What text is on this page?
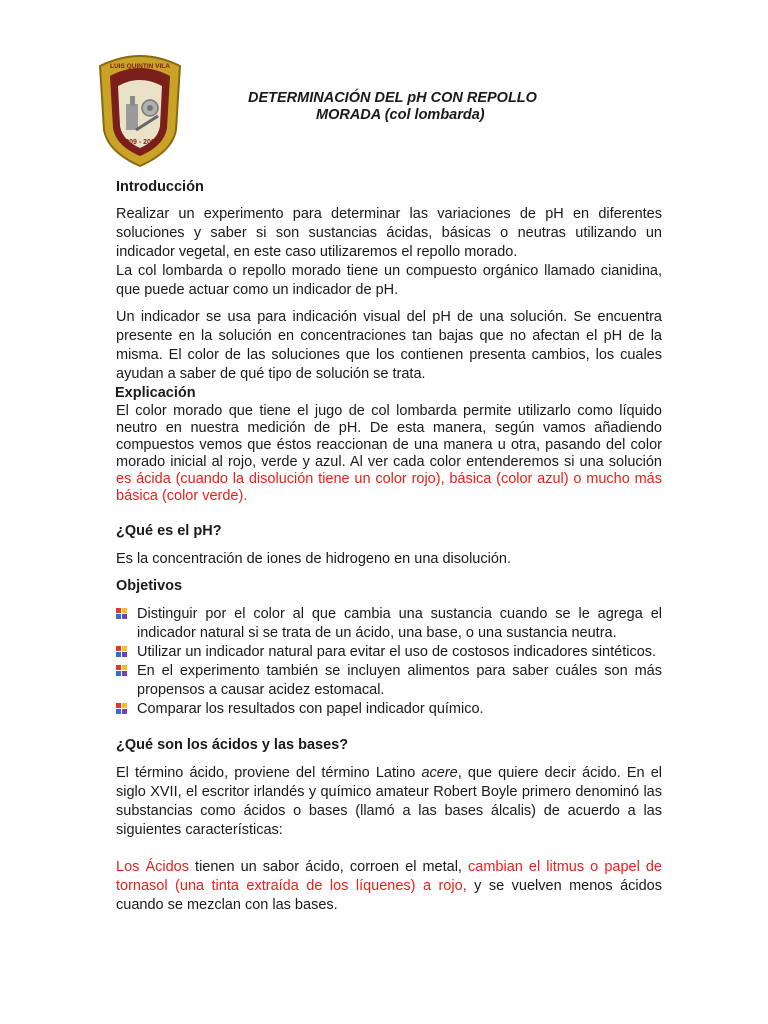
1909 - 2009
LUIS QUINTIN VILA
DETERMINACIÓN DEL pH CON REPOLLO
MORADA (col lombarda)

Introducción

Realizar un experimento para determinar las variaciones de pH en diferentes soluciones y saber si son sustancias ácidas, básicas o neutras utilizando un indicador vegetal, en este caso utilizaremos el repollo morado.

La col lombarda o repollo morado tiene un compuesto orgánico llamado cianidina, que puede actuar como un indicador de pH.

Un indicador se usa para indicación visual del pH de una solución. Se encuentra presente en la solución en concentraciones tan bajas que no afectan el pH de la misma. El color de las soluciones que los contienen presenta cambios, los cuales ayudan a saber de qué tipo de solución se trata.

Explicación

El color morado que tiene el jugo de col lombarda permite utilizarlo como líquido neutro en nuestra medición de pH. De esta manera, según vamos añadiendo compuestos vemos que éstos reaccionan de una manera u otra, pasando del color morado inicial al rojo, verde y azul. Al ver cada color entenderemos si una solución es ácida (cuando la disolución tiene un color rojo), básica (color azul) o mucho más básica (color verde).

¿Qué es el pH?

Es la concentración de iones de hidrogeno en una disolución.

Objetivos

Distinguir por el color al que cambia una sustancia cuando se le agrega el indicador natural si se trata de un ácido, una base, o una sustancia neutra.
Utilizar un indicador natural para evitar el uso de costosos indicadores sintéticos.
En el experimento también se incluyen alimentos para saber cuáles son más propensos a causar acidez estomacal.
Comparar los resultados con papel indicador químico.

¿Qué son los ácidos y las bases?

El término ácido, proviene del término Latino acere, que quiere decir ácido. En el siglo XVII, el escritor irlandés y químico amateur Robert Boyle primero denominó las substancias como ácidos o bases (llamó a las bases álcalis) de acuerdo a las siguientes características:

Los Ácidos tienen un sabor ácido, corroen el metal, cambian el litmus o papel de tornasol (una tinta extraída de los líquenes) a rojo, y se vuelven menos ácidos cuando se mezclan con las bases.
